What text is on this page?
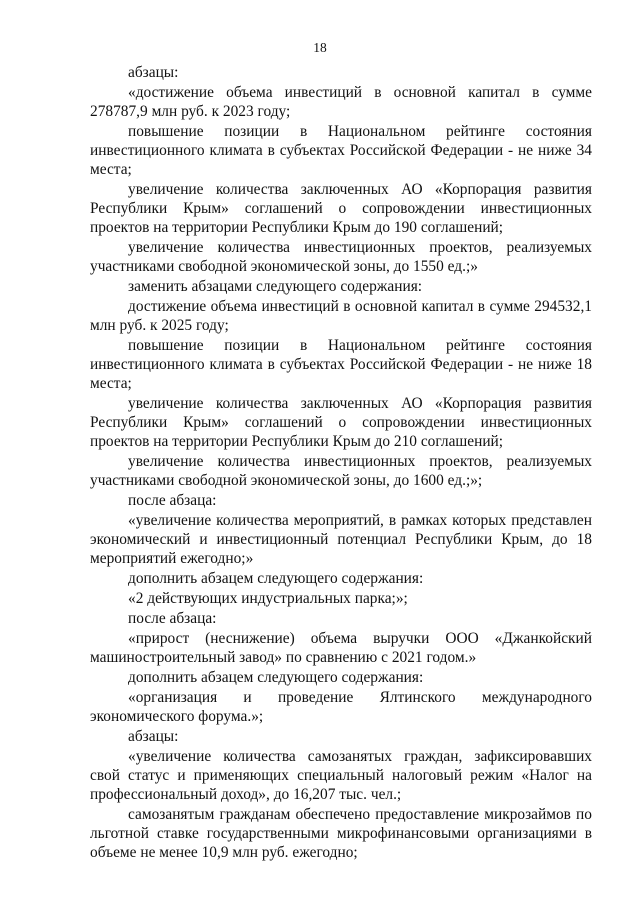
18

абзацы:

«достижение объема инвестиций в основной капитал в сумме 278787,9 млн руб. к 2023 году;

повышение позиции в Национальном рейтинге состояния инвестиционного климата в субъектах Российской Федерации - не ниже 34 места;

увеличение количества заключенных АО «Корпорация развития Республики Крым» соглашений о сопровождении инвестиционных проектов на территории Республики Крым до 190 соглашений;

увеличение количества инвестиционных проектов, реализуемых участниками свободной экономической зоны, до 1550 ед.;»

заменить абзацами следующего содержания:

достижение объема инвестиций в основной капитал в сумме 294532,1 млн руб. к 2025 году;

повышение позиции в Национальном рейтинге состояния инвестиционного климата в субъектах Российской Федерации - не ниже 18 места;

увеличение количества заключенных АО «Корпорация развития Республики Крым» соглашений о сопровождении инвестиционных проектов на территории Республики Крым до 210 соглашений;

увеличение количества инвестиционных проектов, реализуемых участниками свободной экономической зоны, до 1600 ед.;»;

после абзаца:

«увеличение количества мероприятий, в рамках которых представлен экономический и инвестиционный потенциал Республики Крым, до 18 мероприятий ежегодно;»

дополнить абзацем следующего содержания:

«2 действующих индустриальных парка;»;

после абзаца:

«прирост (неснижение) объема выручки ООО «Джанкойский машиностроительный завод» по сравнению с 2021 годом.»

дополнить абзацем следующего содержания:

«организация и проведение Ялтинского международного экономического форума.»;

абзацы:

«увеличение количества самозанятых граждан, зафиксировавших свой статус и применяющих специальный налоговый режим «Налог на профессиональный доход», до 16,207 тыс. чел.;

самозанятым гражданам обеспечено предоставление микрозаймов по льготной ставке государственными микрофинансовыми организациями в объеме не менее 10,9 млн руб. ежегодно;
